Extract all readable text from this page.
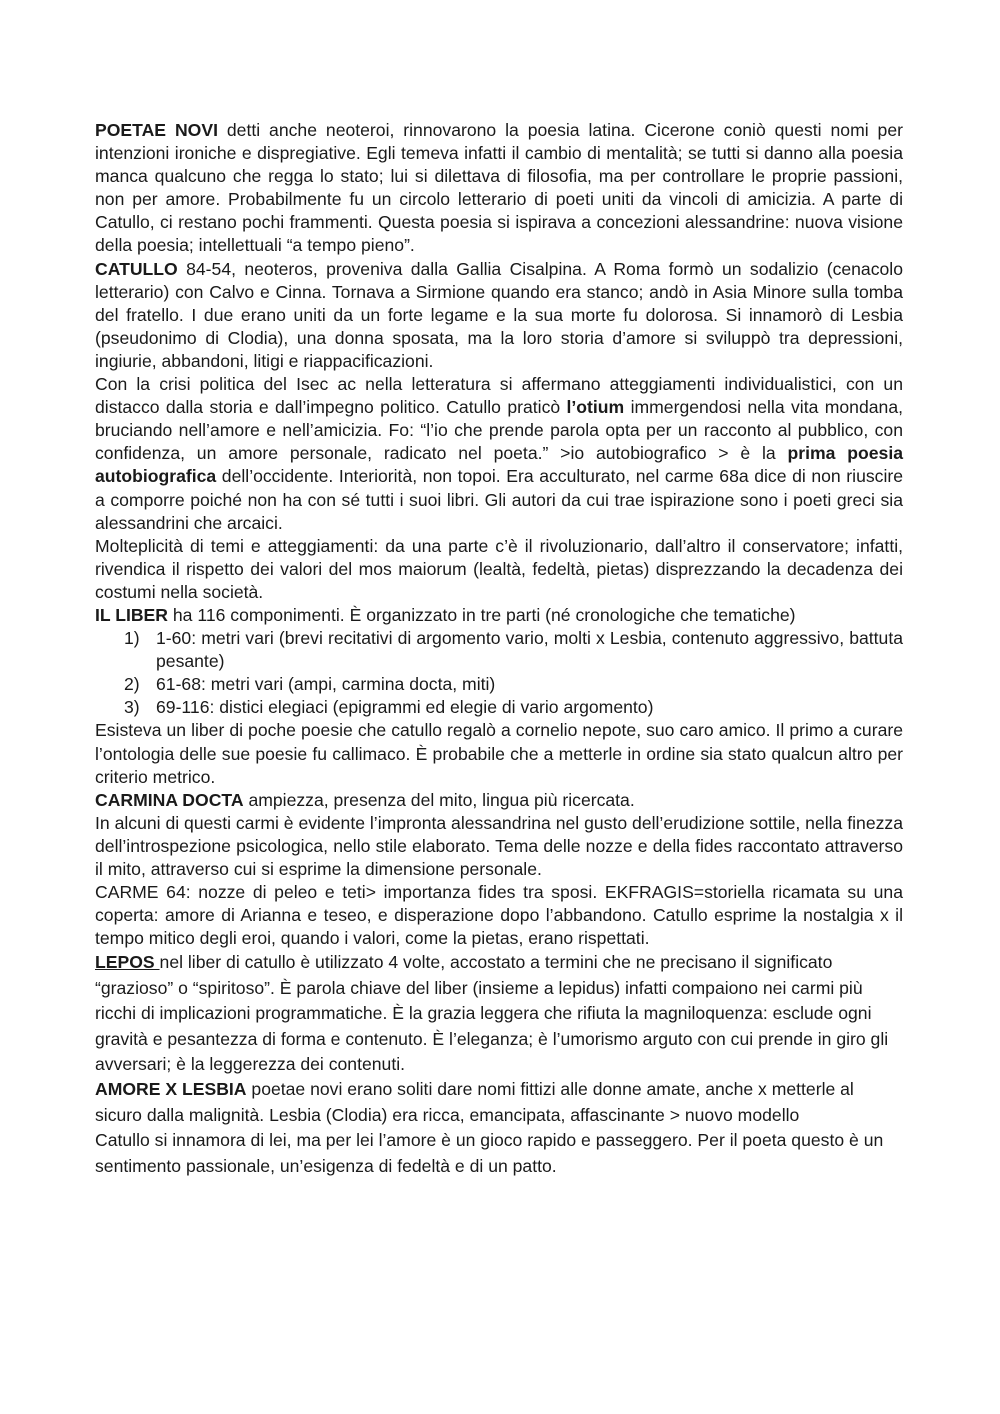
POETAE NOVI detti anche neoteroi, rinnovarono la poesia latina. Cicerone coniò questi nomi per intenzioni ironiche e dispregiative. Egli temeva infatti il cambio di mentalità; se tutti si danno alla poesia manca qualcuno che regga lo stato; lui si dilettava di filosofia, ma per controllare le proprie passioni, non per amore. Probabilmente fu un circolo letterario di poeti uniti da vincoli di amicizia. A parte di Catullo, ci restano pochi frammenti. Questa poesia si ispirava a concezioni alessandrine: nuova visione della poesia; intellettuali “a tempo pieno”.

CATULLO 84-54, neoteros, proveniva dalla Gallia Cisalpina. A Roma formò un sodalizio (cenacolo letterario) con Calvo e Cinna. Tornava a Sirmione quando era stanco; andò in Asia Minore sulla tomba del fratello. I due erano uniti da un forte legame e la sua morte fu dolorosa. Si innamorò di Lesbia (pseudonimo di Clodia), una donna sposata, ma la loro storia d’amore si sviluppò tra depressioni, ingiurie, abbandoni, litigi e riappacificazioni.

Con la crisi politica del Isec ac nella letteratura si affermano atteggiamenti individualistici, con un distacco dalla storia e dall’impegno politico. Catullo praticò l’otium immergendosi nella vita mondana, bruciando nell’amore e nell’amicizia. Fo: “l’io che prende parola opta per un racconto al pubblico, con confidenza, un amore personale, radicato nel poeta.” >io autobiografico > è la prima poesia autobiografica dell’occidente. Interiorità, non topoi. Era acculturato, nel carme 68a dice di non riuscire a comporre poiché non ha con sé tutti i suoi libri. Gli autori da cui trae ispirazione sono i poeti greci sia alessandrini che arcaici.

Molteplicità di temi e atteggiamenti: da una parte c’è il rivoluzionario, dall’altro il conservatore; infatti, rivendica il rispetto dei valori del mos maiorum (lealtà, fedeltà, pietas) disprezzando la decadenza dei costumi nella società.

IL LIBER ha 116 componimenti. È organizzato in tre parti (né cronologiche che tematiche)

1) 1-60: metri vari (brevi recitativi di argomento vario, molti x Lesbia, contenuto aggressivo, battuta pesante)
2) 61-68: metri vari (ampi, carmina docta, miti)
3) 69-116: distici elegiaci (epigrammi ed elegie di vario argomento)

Esisteva un liber di poche poesie che catullo regalò a cornelio nepote, suo caro amico. Il primo a curare l’ontologia delle sue poesie fu callimaco. È probabile che a metterle in ordine sia stato qualcun altro per criterio metrico.

CARMINA DOCTA ampiezza, presenza del mito, lingua più ricercata.

In alcuni di questi carmi è evidente l’impronta alessandrina nel gusto dell’erudizione sottile, nella finezza dell’introspezione psicologica, nello stile elaborato. Tema delle nozze e della fides raccontato attraverso il mito, attraverso cui si esprime la dimensione personale.

CARME 64: nozze di peleo e teti> importanza fides tra sposi. EKFRAGIS=storiella ricamata su una coperta: amore di Arianna e teseo, e disperazione dopo l’abbandono. Catullo esprime la nostalgia x il tempo mitico degli eroi, quando i valori, come la pietas, erano rispettati.

LEPOS nel liber di catullo è utilizzato 4 volte, accostato a termini che ne precisano il significato “grazioso” o “spiritoso”. È parola chiave del liber (insieme a lepidus) infatti compaiono nei carmi più ricchi di implicazioni programmatiche. È la grazia leggera che rifiuta la magniloquenza: esclude ogni gravità e pesantezza di forma e contenuto. È l’eleganza; è l’umorismo arguto con cui prende in giro gli avversari; è la leggerezza dei contenuti.

AMORE X LESBIA poetae novi erano soliti dare nomi fittizi alle donne amate, anche x metterle al sicuro dalla malignità. Lesbia (Clodia) era ricca, emancipata, affascinante > nuovo modello

Catullo si innamora di lei, ma per lei l’amore è un gioco rapido e passeggero. Per il poeta questo è un sentimento passionale, un’esigenza di fedeltà e di un patto.
